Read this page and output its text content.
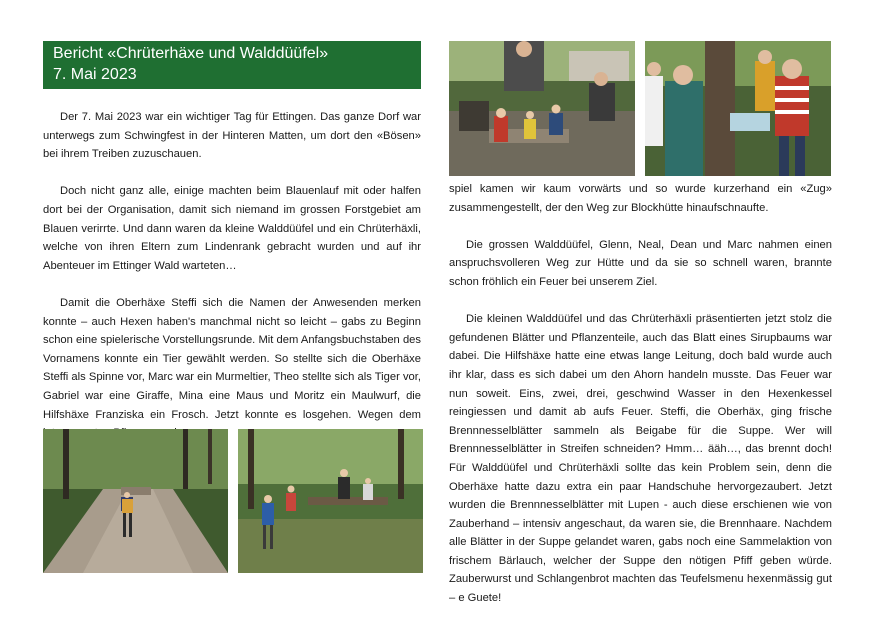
Bericht «Chrüterhäxe und Walddüüfel»
7. Mai 2023

Der 7. Mai 2023 war ein wichtiger Tag für Ettingen. Das ganze Dorf war unterwegs zum Schwingfest in der Hinteren Matten, um dort den «Bösen» bei ihrem Treiben zuzuschauen.

Doch nicht ganz alle, einige machten beim Blauenlauf mit oder halfen dort bei der Organisation, damit sich niemand im grossen Forstgebiet am Blauen verirrte. Und dann waren da kleine Walddüüfel und ein Chrüterhäxli, welche von ihren Eltern zum Lindenrank gebracht wurden und auf ihr Abenteuer im Ettinger Wald warteten…

Damit die Oberhäxe Steffi sich die Namen der Anwesenden merken konnte – auch Hexen haben's manchmal nicht so leicht – gabs zu Beginn schon eine spielerische Vorstellungsrunde. Mit dem Anfangsbuchstaben des Vornamens konnte ein Tier gewählt werden. So stellte sich die Oberhäxe Steffi als Spinne vor, Marc war ein Murmeltier, Theo stellte sich als Tiger vor, Gabriel war eine Giraffe, Mina eine Maus und Moritz ein Maulwurf, die Hilfshäxe Franziska ein Frosch. Jetzt konnte es losgehen. Wegen dem

spiel kamen wir kaum vorwärts und so wurde kurzerhand ein «Zug» zusammengestellt, der den Weg zur Blockhütte hinaufschnaufte.

Die grossen Walddüüfel, Glenn, Neal, Dean und Marc nahmen einen anspruchsvolleren Weg zur Hütte und da sie so schnell waren, brannte schon fröhlich ein Feuer bei unserem Ziel.

Die kleinen Walddüüfel und das Chrüterhäxli präsentierten jetzt stolz die gefundenen Blätter und Pflanzenteile, auch das Blatt eines Sirupbaums war dabei. Die Hilfshäxe hatte eine etwas lange Leitung, doch bald wurde auch ihr klar, dass es sich dabei um den Ahorn handeln musste. Das Feuer war nun soweit. Eins, zwei, drei, geschwind Wasser in den Hexenkessel reingiessen und damit ab aufs Feuer. Steffi, die Oberhäx, ging frische Brennnesselblätter sammeln als Beigabe für die Suppe. Wer will Brennnesselblätter in Streifen schneiden? Hmm… ääh…, das brennt doch! Für Walddüüfel und Chrüterhäxli sollte das kein Problem sein, denn die Oberhäxe hatte dazu extra ein paar Handschuhe hervorgezaubert. Jetzt wurden die Brennnesselblätter mit Lupen - auch diese erschienen wie von Zauberhand – intensiv angeschaut, da waren sie, die Brennhaare. Nachdem alle Blätter in der Suppe gelandet waren, gabs noch eine Sammelaktion von frischem Bärlauch, welcher der Suppe den nötigen Pfiff geben würde. Zauberwurst und Schlangenbrot machten das Teufelsmenu hexenmässig gut – e Guete!
